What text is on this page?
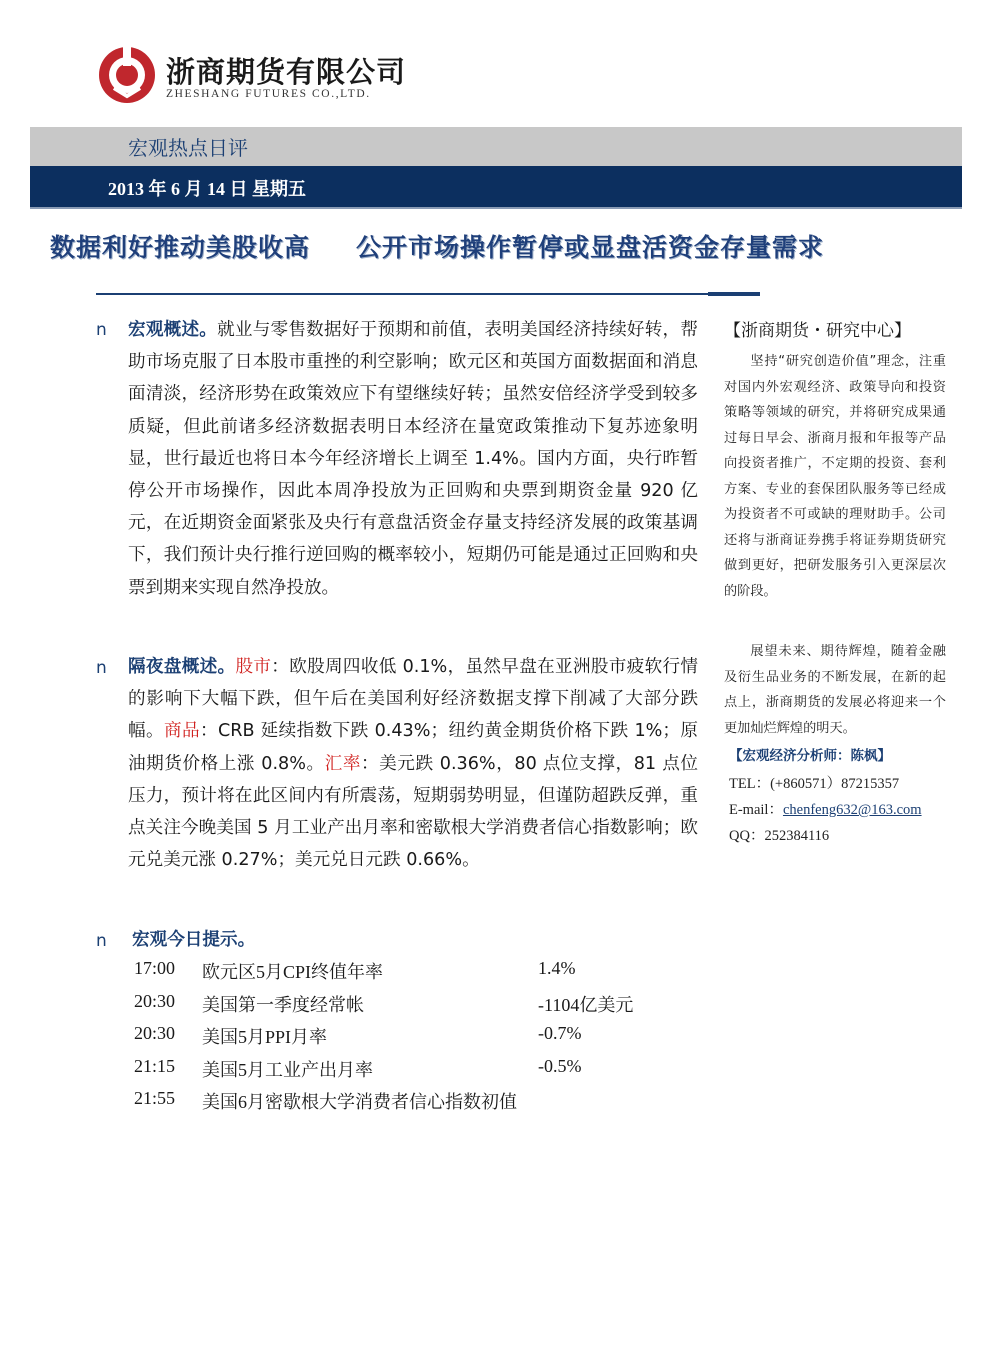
浙商期货有限公司
ZHESHANG FUTURES CO.,LTD.
宏观热点日评
2013 年 6 月 14 日 星期五
数据利好推动美股收高 公开市场操作暂停或显盘活资金存量需求
n 宏观概述。就业与零售数据好于预期和前值，表明美国经济持续好转，帮助市场克服了日本股市重挫的利空影响；欧元区和英国方面数据面和消息面清淡，经济形势在政策效应下有望继续好转；虽然安倍经济学受到较多质疑，但此前诸多经济数据表明日本经济在量宽政策推动下复苏迹象明显，世行最近也将日本今年经济增长上调至 1.4%。国内方面，央行昨暂停公开市场操作，因此本周净投放为正回购和央票到期资金量 920 亿元，在近期资金面紧张及央行有意盘活资金存量支持经济发展的政策基调下，我们预计央行推行逆回购的概率较小，短期仍可能是通过正回购和央票到期来实现自然净投放。
n 隔夜盘概述。股市：欧股周四收低 0.1%，虽然早盘在亚洲股市疲软行情的影响下大幅下跌，但午后在美国利好经济数据支撑下削减了大部分跌幅。商品：CRB 延续指数下跌 0.43%；纽约黄金期货价格下跌 1%；原油期货价格上涨 0.8%。汇率：美元跌 0.36%，80 点位支撑，81 点位压力，预计将在此区间内有所震荡，短期弱势明显，但谨防超跌反弹，重点关注今晚美国 5 月工业产出月率和密歇根大学消费者信心指数影响；欧元兑美元涨 0.27%；美元兑日元跌 0.66%。
n 宏观今日提示。
17:00 欧元区5月CPI终值年率	1.4%
20:30 美国第一季度经常帐	-1104亿美元
20:30 美国5月PPI月率	-0.7%
21:15 美国5月工业产出月率	-0.5%
21:55 美国6月密歇根大学消费者信心指数初值
【浙商期货・研究中心】
坚持“研究创造价值”理念，注重对国内外宏观经济、政策导向和投资策略等领域的研究，并将研究成果通过每日早会、浙商月报和年报等产品向投资者推广，不定期的投资、套利方案、专业的套保团队服务等已经成为投资者不可或缺的理财助手。公司还将与浙商证券携手将证券期货研究做到更好，把研发服务引入更深层次的阶段。
展望未来、期待辉煌，随着金融及衍生品业务的不断发展，在新的起点上，浙商期货的发展必将迎来一个更加灿烂辉煌的明天。
【宏观经济分析师：陈枫】
TEL：(+860571）87215357
E-mail：chenfeng632@163.com
QQ：252384116
